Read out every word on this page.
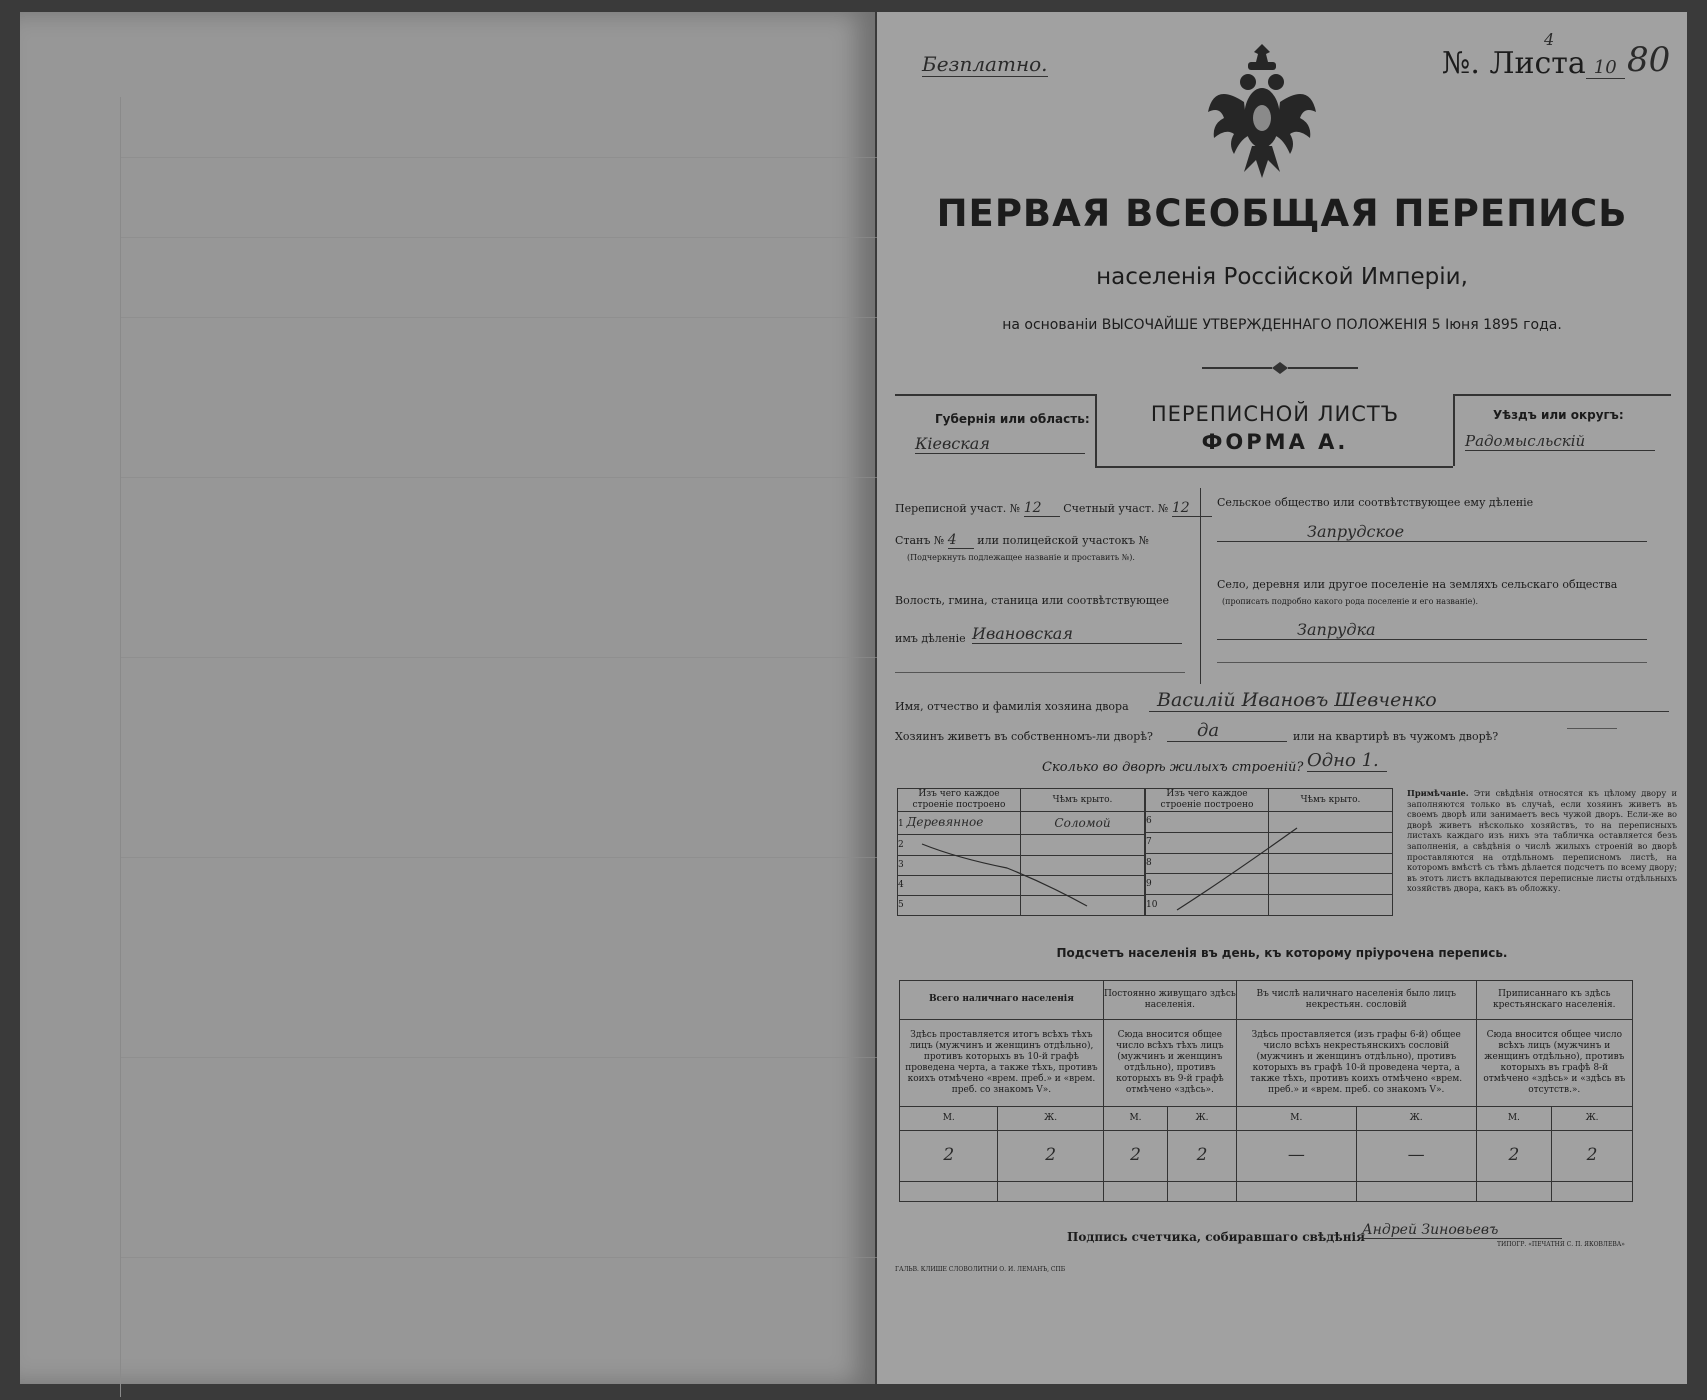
Безплатно.	№. Листа 10
4
80
ПЕРВАЯ ВСЕОБЩАЯ ПЕРЕПИСЬ
населенія Россійской Имперіи,
на основаніи ВЫСОЧАЙШЕ УТВЕРЖДЕННАГО ПОЛОЖЕНІЯ 5 Іюня 1895 года.
Губернія или область:
Кіевская
ПЕРЕПИСНОЙ ЛИСТЪ
ФОРМА А.
Уѣздъ или округъ:
Радомысльскій
Переписной участ. № 12 Счетный участ. № 12
Станъ № 4 или полицейской участокъ №
(Подчеркнуть подлежащее названіе и проставить №).
Волость, гмина, станица или соотвѣтствующее
имъ дѣленіе Ивановская
Сельское общество или соотвѣтствующее ему дѣленіе
Запрудское
Село, деревня или другое поселеніе на земляхъ сельскаго общества
(прописать подробно какого рода поселеніе и его названіе).
Запрудка
Имя, отчество и фамилія хозяина двора	Василій Ивановъ Шевченко
Хозяинъ живетъ въ собственномъ-ли дворѣ?	да	или на квартирѣ въ чужомъ дворѣ?
Сколько во дворѣ жилыхъ строеній? Одно 1.
Изъ чего каждое строеніе построено	Чѣмъ крыто.
1 Деревянное	Соломой
2	
3	
4	
5	
Изъ чего каждое строеніе построено	Чѣмъ крыто.
6	
7	
8	
9	
10	
Примѣчаніе. Эти свѣдѣнія относятся къ цѣлому двору и заполняются только въ случаѣ, если хозяинъ живетъ въ своемъ дворѣ или занимаетъ весь чужой дворъ. Если-же во дворѣ живетъ нѣсколько хозяйствъ, то на переписныхъ листахъ каждаго изъ нихъ эта табличка оставляется безъ заполненія, а свѣдѣнія о числѣ жилыхъ строеній во дворѣ проставляются на отдѣльномъ переписномъ листѣ, на которомъ вмѣстѣ съ тѣмъ дѣлается подсчетъ по всему двору; въ этотъ листъ вкладываются переписные листы отдѣльныхъ хозяйствъ двора, какъ въ обложку.
Подсчетъ населенія въ день, къ которому пріурочена перепись.
Всего наличнаго населенія		Постоянно живущаго здѣсь населенія.		Въ числѣ наличнаго населенія было лицъ некрестьян. сословій		Приписаннаго къ здѣсь крестьянскаго населенія.	
Здѣсь проставляется итогъ всѣхъ тѣхъ лицъ (мужчинъ и женщинъ отдѣльно), противъ которыхъ въ 10-й графѣ проведена черта, а также тѣхъ, противъ коихъ отмѣчено «врем. преб.» и «врем. преб. со знакомъ V».		Сюда вносится общее число всѣхъ тѣхъ лицъ (мужчинъ и женщинъ отдѣльно), противъ которыхъ въ 9-й графѣ отмѣчено «здѣсь».		Здѣсь проставляется (изъ графы 6-й) общее число всѣхъ некрестьянскихъ сословій (мужчинъ и женщинъ отдѣльно), противъ которыхъ въ графѣ 10-й проведена черта, а также тѣхъ, противъ коихъ отмѣчено «врем. преб.» и «врем. преб. со знакомъ V».		Сюда вносится общее число всѣхъ лицъ (мужчинъ и женщинъ отдѣльно), противъ которыхъ въ графѣ 8-й отмѣчено «здѣсь» и «здѣсь въ отсутств.».	
М.	Ж.	М.	Ж.	М.	Ж.	М.	Ж.
2	2	2	2	—	—	2	2

Подпись счетчика, собиравшаго свѣдѣнія
Андрей Зиновьевъ
ГАЛЬВ. КЛИШЕ СЛОВОЛИТНИ О. И. ЛЕМАНЪ, СПБ
ТИПОГР. «ПЕЧАТНЯ С. П. ЯКОВЛЕВА»
